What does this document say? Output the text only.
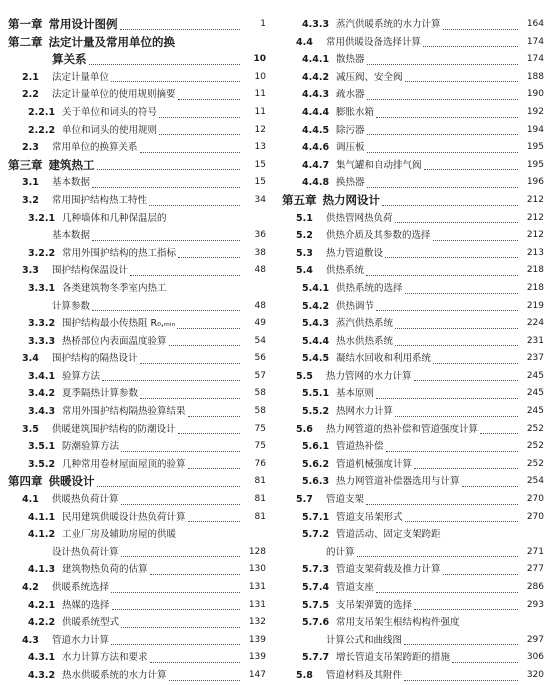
第一章 常用设计图例	1
第二章 法定计量及常用单位的换
算关系	10
2.1	法定计量单位	10
2.2	法定计量单位的使用规则摘要	11
2.2.1 关于单位和词头的符号	11
2.2.2 单位和词头的使用规则	12
2.3	常用单位的换算关系	13
第三章 建筑热工	15
3.1	基本数据	15
3.2	常用围护结构热工特性	34
3.2.1 几种墙体和几种保温层的
基本数据	36
3.2.2 常用外围护结构的热工指标	38
3.3	围护结构保温设计	48
3.3.1 各类建筑物冬季室内热工
计算参数	48
3.3.2 围护结构最小传热阻 R₀,ₘᵢₙ	49
3.3.3 热桥部位内表面温度验算	54
3.4	围护结构的隔热设计	56
3.4.1 验算方法	57
3.4.2 夏季隔热计算参数	58
3.4.3 常用外围护结构隔热验算结果	58
3.5	供暖建筑围护结构的防潮设计	75
3.5.1 防潮验算方法	75
3.5.2 几种常用卷材屋面屋顶的验算	76
第四章 供暖设计	81
4.1	供暖热负荷计算	81
4.1.1 民用建筑供暖设计热负荷计算	81
4.1.2 工业厂房及辅助房屋的供暖
设计热负荷计算	128
4.1.3 建筑物热负荷的估算	130
4.2	供暖系统选择	131
4.2.1 热媒的选择	131
4.2.2 供暖系统型式	132
4.3	管道水力计算	139
4.3.1 水力计算方法和要求	139
4.3.2 热水供暖系统的水力计算	147
4.3.3 蒸汽供暖系统的水力计算	164
4.4	常用供暖设备选择计算	174
4.4.1 散热器	174
4.4.2 减压阀、安全阀	188
4.4.3 疏水器	190
4.4.4 膨胀水箱	192
4.4.5 除污器	194
4.4.6 调压板	195
4.4.7 集气罐和自动排气阀	195
4.4.8 换热器	196
第五章 热力网设计	212
5.1	供热管网热负荷	212
5.2	供热介质及其参数的选择	212
5.3	热力管道敷设	213
5.4	供热系统	218
5.4.1 供热系统的选择	218
5.4.2 供热调节	219
5.4.3 蒸汽供热系统	224
5.4.4 热水供热系统	231
5.4.5 凝结水回收和利用系统	237
5.5	热力管网的水力计算	245
5.5.1 基本原则	245
5.5.2 热网水力计算	245
5.6	热力网管道的热补偿和管道强度计算	252
5.6.1 管道热补偿	252
5.6.2 管道机械强度计算	252
5.6.3 热力网管道补偿器选用与计算	254
5.7	管道支架	270
5.7.1 管道支吊架形式	270
5.7.2 管道活动、固定支架跨距
的计算	271
5.7.3 管道支架荷载及推力计算	277
5.7.4 管道支座	286
5.7.5 支吊架弹簧的选择	293
5.7.6 常用支吊架生根结构构件强度
计算公式和曲线图	297
5.7.7 增长管道支吊架跨距的措施	306
5.8	管道材料及其附件	320
